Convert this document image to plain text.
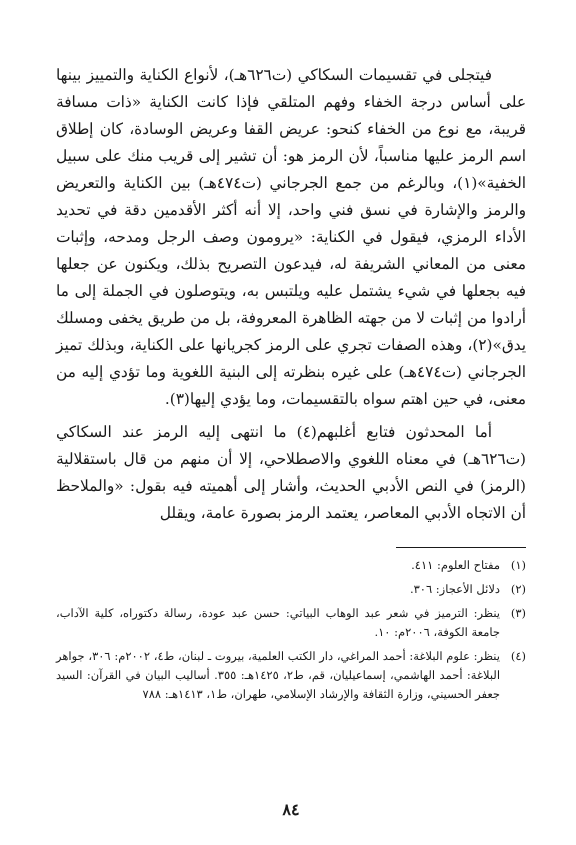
فيتجلى في تقسيمات السكاكي (ت٦٢٦هـ)، لأنواع الكناية والتمييز بينها على أساس درجة الخفاء وفهم المتلقي فإذا كانت الكناية «ذات مسافة قريبة، مع نوع من الخفاء كنحو: عريض القفا وعريض الوسادة، كان إطلاق اسم الرمز عليها مناسباً، لأن الرمز هو: أن تشير إلى قريب منك على سبيل الخفية»(١)، وبالرغم من جمع الجرجاني (ت٤٧٤هـ) بين الكناية والتعريض والرمز والإشارة في نسق فني واحد، إلا أنه أكثر الأقدمين دقة في تحديد الأداء الرمزي، فيقول في الكناية: «يرومون وصف الرجل ومدحه، وإثبات معنى من المعاني الشريفة له، فيدعون التصريح بذلك، ويكنون عن جعلها فيه بجعلها في شيء يشتمل عليه ويلتبس به، ويتوصلون في الجملة إلى ما أرادوا من إثبات لا من جهته الظاهرة المعروفة، بل من طريق يخفى ومسلك يدق»(٢)، وهذه الصفات تجري على الرمز كجريانها على الكناية، وبذلك تميز الجرجاني (ت٤٧٤هـ) على غيره بنظرته إلى البنية اللغوية وما تؤدي إليه من معنى، في حين اهتم سواه بالتقسيمات، وما يؤدي إليها(٣).

أما المحدثون فتابع أغلبهم(٤) ما انتهى إليه الرمز عند السكاكي (ت٦٢٦هـ) في معناه اللغوي والاصطلاحي، إلا أن منهم من قال باستقلالية (الرمز) في النص الأدبي الحديث، وأشار إلى أهميته فيه بقول: «والملاحظ أن الاتجاه الأدبي المعاصر، يعتمد الرمز بصورة عامة، ويقلل

(١)
مفتاح العلوم: ٤١١.
(٢)
دلائل الأعجاز: ٣٠٦.
(٣)
ينظر: الترميز في شعر عبد الوهاب البياتي: حسن عبد عودة، رسالة دكتوراه، كلية الآداب، جامعة الكوفة، ٢٠٠٦م: ١٠.
(٤)
ينظر: علوم البلاغة: أحمد المراغي، دار الكتب العلمية، بيروت ـ لبنان، ط٤، ٢٠٠٢م: ٣٠٦، جواهر البلاغة: أحمد الهاشمي، إسماعيليان، قم، ط٢، ١٤٢٥هـ: ٣٥٥. أساليب البيان في القرآن: السيد جعفر الحسيني، وزارة الثقافة والإرشاد الإسلامي، طهران، ط١، ١٤١٣هـ: ٧٨٨
٨٤
